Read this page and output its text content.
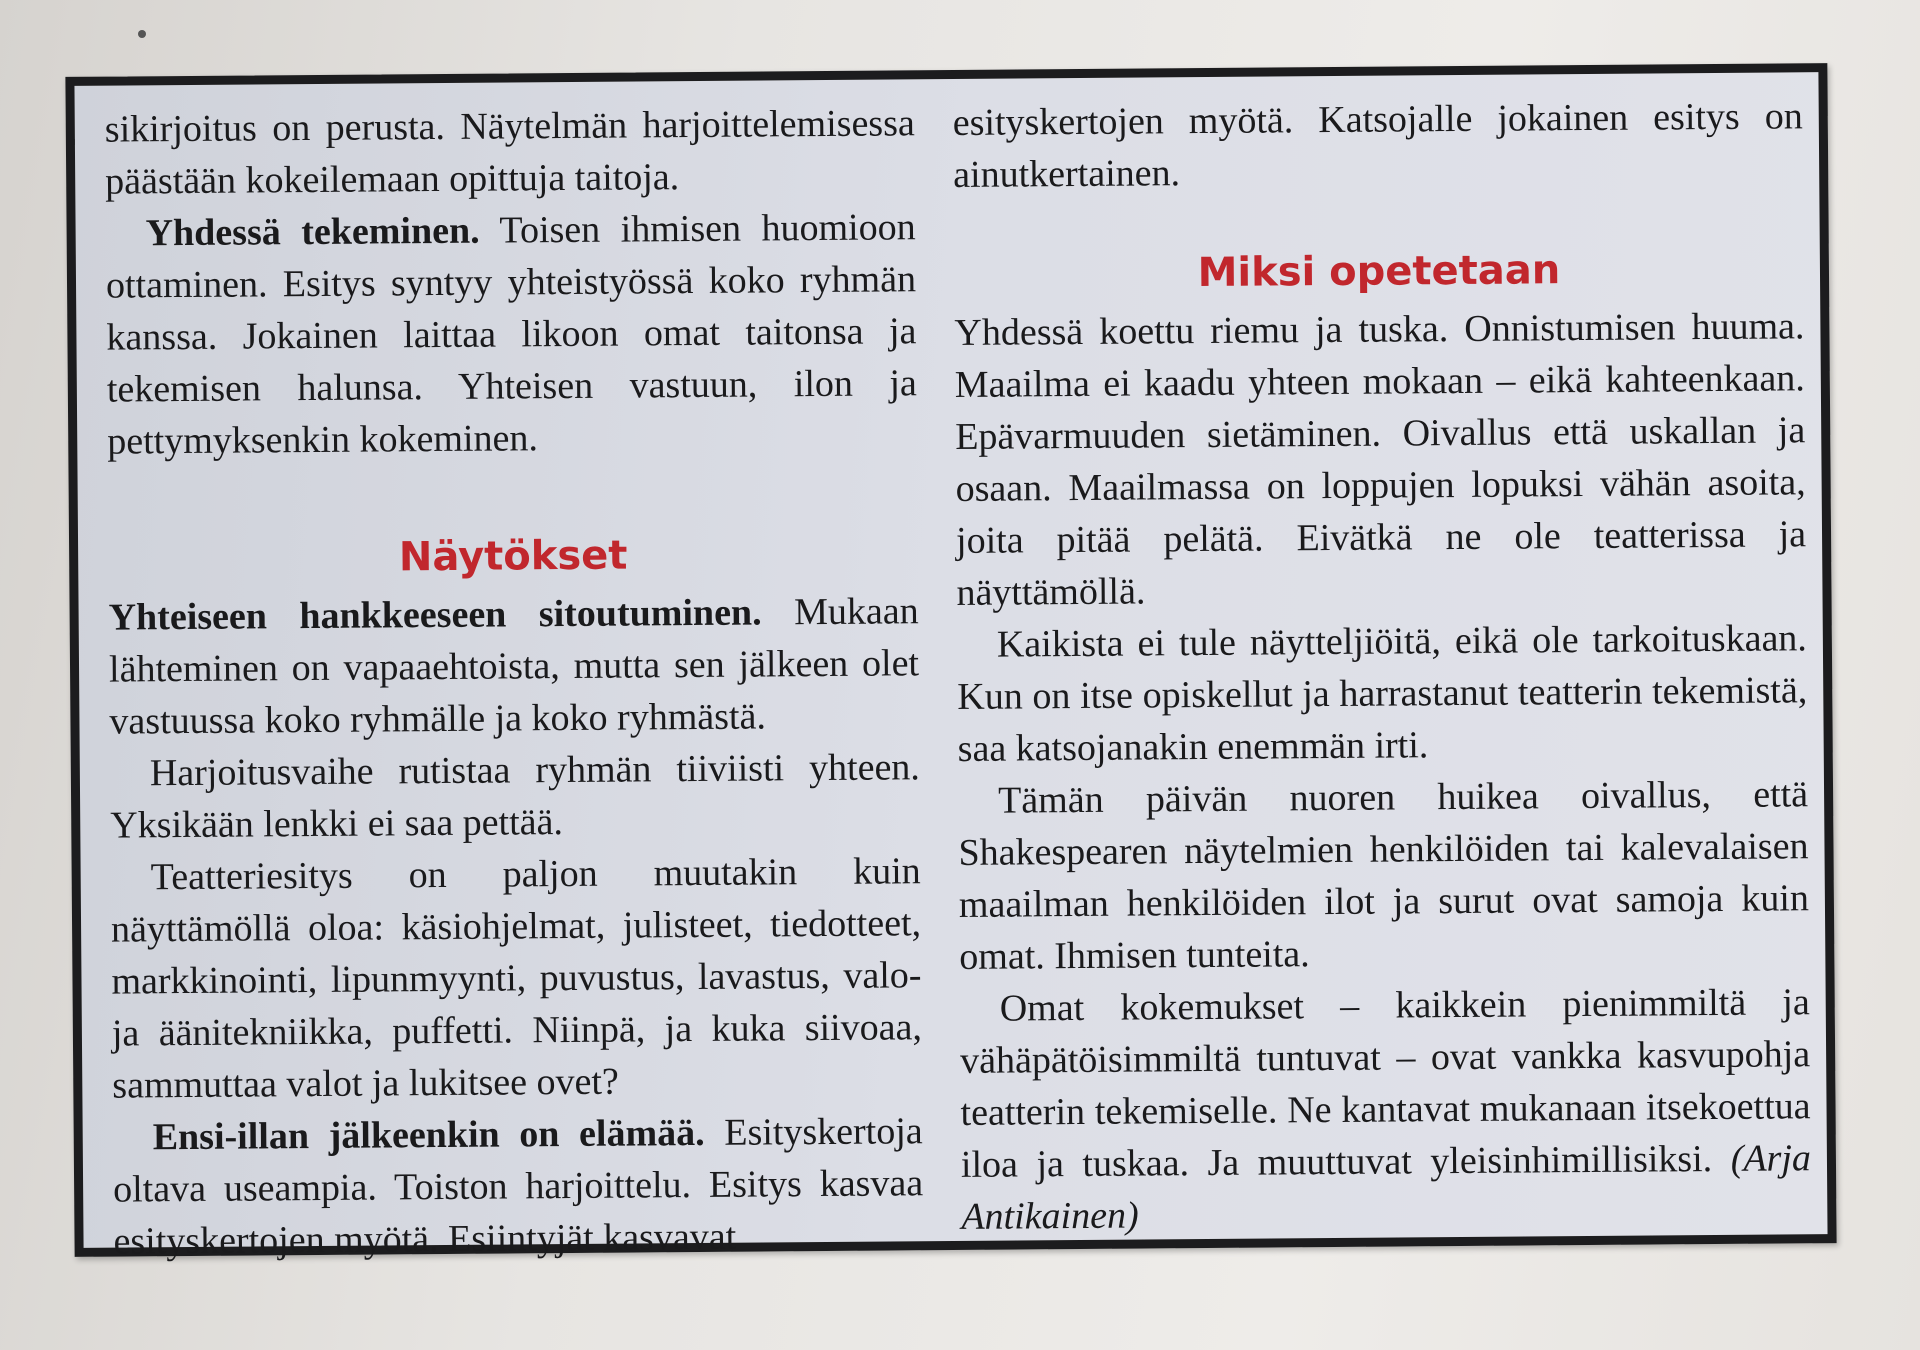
sikirjoitus on perusta. Näytelmän harjoittelemisessa päästään kokeilemaan opittuja taitoja.

Yhdessä tekeminen. Toisen ihmisen huomioon ottaminen. Esitys syntyy yhteistyössä koko ryhmän kanssa. Jokainen laittaa likoon omat taitonsa ja tekemisen halunsa. Yhteisen vastuun, ilon ja pettymyksenkin kokeminen.

Näytökset

Yhteiseen hankkeeseen sitoutuminen. Mukaan lähteminen on vapaaehtoista, mutta sen jälkeen olet vastuussa koko ryhmälle ja koko ryhmästä.

Harjoitusvaihe rutistaa ryhmän tiiviisti yhteen. Yksikään lenkki ei saa pettää.

Teatteriesitys on paljon muutakin kuin näyttämöllä oloa: käsiohjelmat, julisteet, tiedotteet, markkinointi, lipunmyynti, puvustus, lavastus, valo- ja äänitekniikka, puffetti. Niinpä, ja kuka siivoaa, sammuttaa valot ja lukitsee ovet?

Ensi-illan jälkeenkin on elämää. Esityskertoja oltava useampia. Toiston harjoittelu. Esitys kasvaa esityskertojen myötä. Esiintyjät kasvavat

esityskertojen myötä. Katsojalle jokainen esitys on ainutkertainen.

Miksi opetetaan

Yhdessä koettu riemu ja tuska. Onnistumisen huuma. Maailma ei kaadu yhteen mokaan – eikä kahteenkaan. Epävarmuuden sietäminen. Oivallus että uskallan ja osaan. Maailmassa on loppujen lopuksi vähän asoita, joita pitää pelätä. Eivätkä ne ole teatterissa ja näyttämöllä.

Kaikista ei tule näytteljiöitä, eikä ole tarkoituskaan. Kun on itse opiskellut ja harrastanut teatterin tekemistä, saa katsojanakin enemmän irti.

Tämän päivän nuoren huikea oivallus, että Shakespearen näytelmien henkilöiden tai kalevalaisen maailman henkilöiden ilot ja surut ovat samoja kuin omat. Ihmisen tunteita.

Omat kokemukset – kaikkein pienimmiltä ja vähäpätöisimmiltä tuntuvat – ovat vankka kasvupohja teatterin tekemiselle. Ne kantavat mukanaan itsekoettua iloa ja tuskaa. Ja muuttuvat yleisinhimillisiksi. (Arja Antikainen)
